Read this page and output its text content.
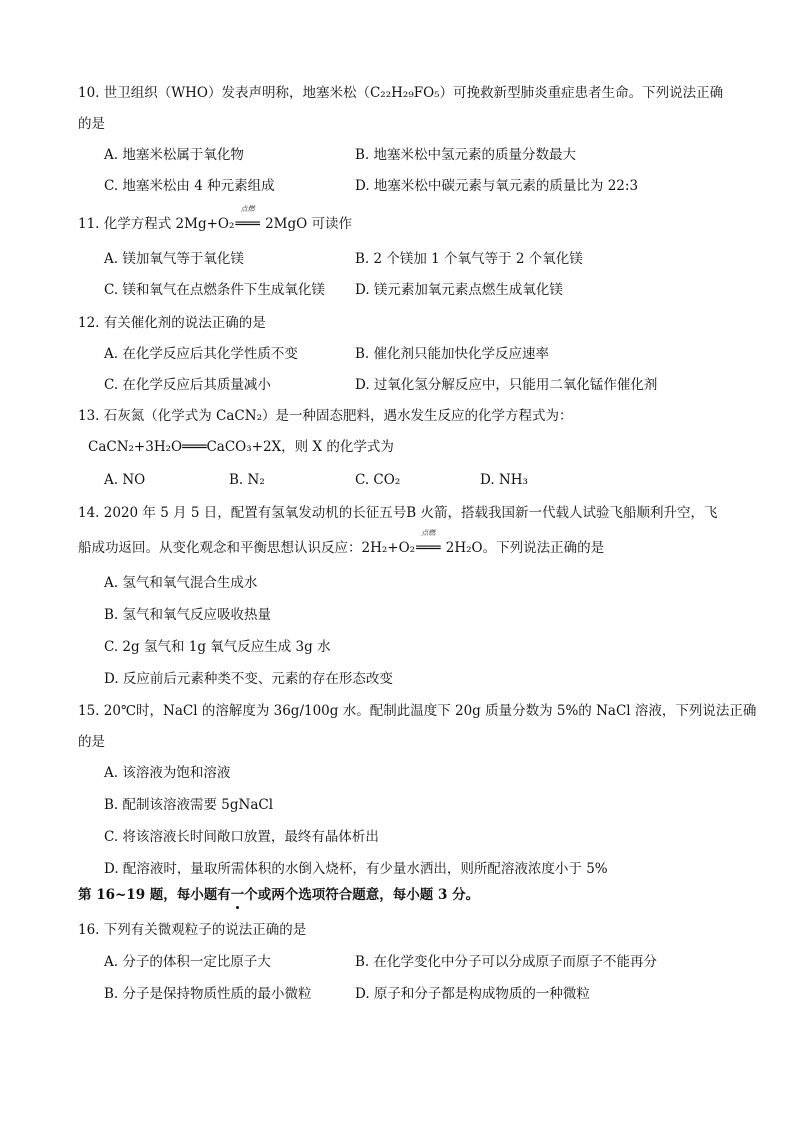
10. 世卫组织（WHO）发表声明称，地塞米松（C₂₂H₂₉FO₅）可挽救新型肺炎重症患者生命。下列说法正确
的是
A. 地塞米松属于氧化物	B. 地塞米松中氢元素的质量分数最大
C. 地塞米松由 4 种元素组成	D. 地塞米松中碳元素与氧元素的质量比为 22:3
11. 化学方程式 2Mg+O₂
点燃
═══ 2MgO 可读作
A. 镁加氧气等于氧化镁	B. 2 个镁加 1 个氧气等于 2 个氧化镁
C. 镁和氧气在点燃条件下生成氧化镁 D. 镁元素加氧元素点燃生成氧化镁
12. 有关催化剂的说法正确的是
A. 在化学反应后其化学性质不变	B. 催化剂只能加快化学反应速率
C. 在化学反应后其质量减小	D. 过氧化氢分解反应中，只能用二氧化锰作催化剂
13. 石灰氮（化学式为 CaCN₂）是一种固态肥料，遇水发生反应的化学方程式为：
CaCN₂+3H₂O═══CaCO₃+2X，则 X 的化学式为
A. NO	B. N₂	C. CO₂	D. NH₃
14. 2020 年 5 月 5 日，配置有氢氧发动机的长征五号B 火箭，搭载我国新一代载人试验飞船顺利升空，飞
船成功返回。从变化观念和平衡思想认识反应：2H₂+O₂
点燃
═══ 2H₂O。下列说法正确的是
A. 氢气和氧气混合生成水
B. 氢气和氧气反应吸收热量
C. 2g 氢气和 1g 氧气反应生成 3g 水
D. 反应前后元素种类不变、元素的存在形态改变
15. 20℃时，NaCl 的溶解度为 36g/100g 水。配制此温度下 20g 质量分数为 5%的 NaCl 溶液，下列说法正确
的是
A. 该溶液为饱和溶液
B. 配制该溶液需要 5gNaCl
C. 将该溶液长时间敞口放置，最终有晶体析出
D. 配溶液时，量取所需体积的水倒入烧杯，有少量水洒出，则所配溶液浓度小于 5%
第 16~19 题，每小题有一个或两个选项符合题意，每小题 3 分。
16. 下列有关微观粒子的说法正确的是
A. 分子的体积一定比原子大	B. 在化学变化中分子可以分成原子而原子不能再分
B. 分子是保持物质性质的最小微粒	D. 原子和分子都是构成物质的一种微粒
